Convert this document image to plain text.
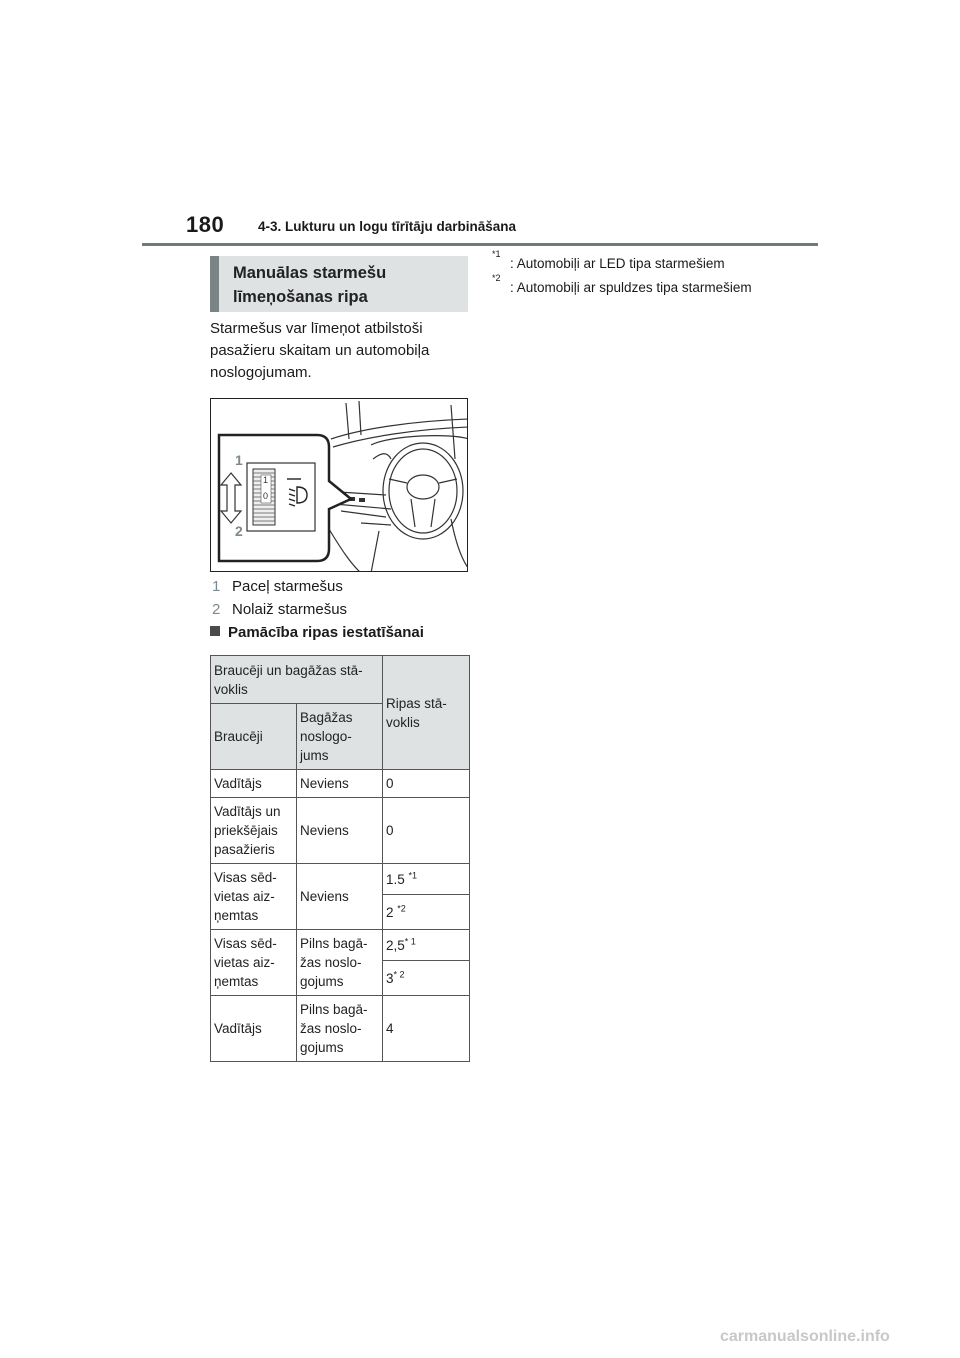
180	4-3. Lukturu un logu tīrītāju darbināšana
Manuālas starmešu līmeņošanas ripa
Starmešus var līmeņot atbilstoši pasažieru skaitam un automobiļa noslogojumam.
1
2
1
0
1 Paceļ starmešus
2 Nolaiž starmešus
Pamācība ripas iestatīšanai
Braucēji un bagāžas stā-voklis		Ripas stā-voklis
Braucēji	Bagāžas noslogo-jums	
Vadītājs	Neviens	0
Vadītājs un priekšējais pasažieris	Neviens	0
Visas sēd-vietas aiz-ņemtas	Neviens	1.5 $^{*1}$
		2 $^{*2}$
Visas sēd-vietas aiz-ņemtas	Pilns bagā-žas noslo-gojums	2,5$^{* 1}$
		3$^{* 2}$
Vadītājs	Pilns bagā-žas noslo-gojums	4
*1
: Automobiļi ar LED tipa starmešiem
*2
: Automobiļi ar spuldzes tipa starmešiem
carmanualsonline.info
